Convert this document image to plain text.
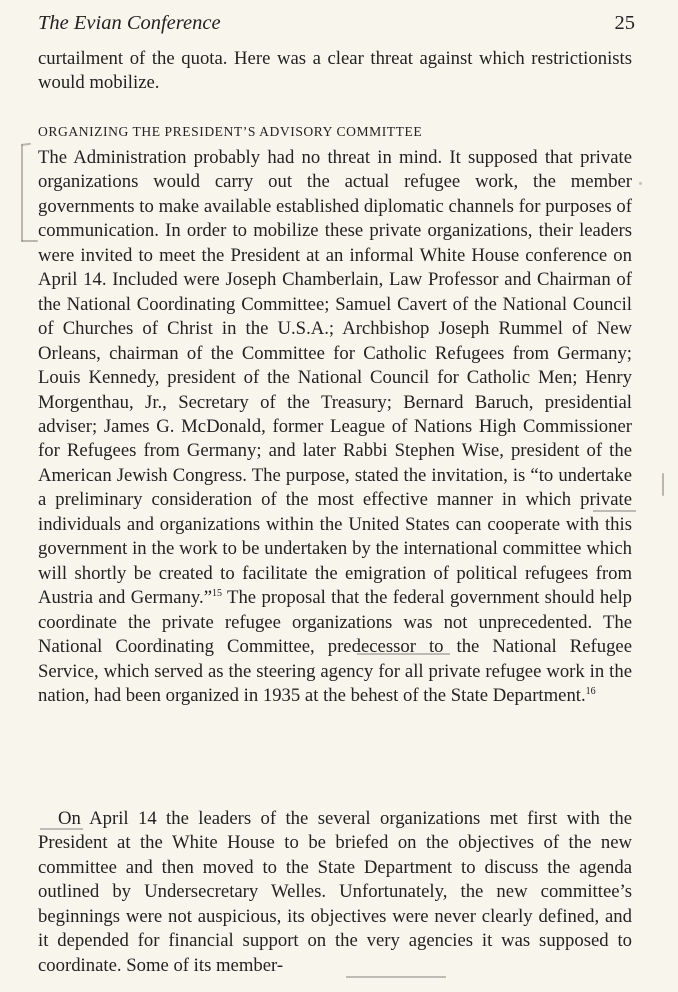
The Evian Conference	25

curtailment of the quota. Here was a clear threat against which restrictionists would mobilize.

ORGANIZING THE PRESIDENT’S ADVISORY COMMITTEE

The Administration probably had no threat in mind. It supposed that private organizations would carry out the actual refugee work, the member governments to make available established diplomatic channels for purposes of communication. In order to mobilize these private organizations, their leaders were invited to meet the President at an informal White House conference on April 14. Included were Joseph Chamberlain, Law Professor and Chairman of the National Coordinating Committee; Samuel Cavert of the National Council of Churches of Christ in the U.S.A.; Archbishop Joseph Rummel of New Orleans, chairman of the Committee for Catholic Refugees from Germany; Louis Kennedy, president of the National Council for Catholic Men; Henry Morgenthau, Jr., Secretary of the Treasury; Bernard Baruch, presidential adviser; James G. McDonald, former League of Nations High Commissioner for Refugees from Germany; and later Rabbi Stephen Wise, president of the American Jewish Congress. The purpose, stated the invitation, is “to undertake a preliminary consideration of the most effective manner in which private individuals and organizations within the United States can cooperate with this government in the work to be undertaken by the international committee which will shortly be created to facilitate the emigration of political refugees from Austria and Germany.”$^{15}$ The proposal that the federal government should help coordinate the private refugee organizations was not unprecedented. The National Coordinating Committee, predecessor to the National Refugee Service, which served as the steering agency for all private refugee work in the nation, had been organized in 1935 at the behest of the State Department.$^{16}$

On April 14 the leaders of the several organizations met first with the President at the White House to be briefed on the objectives of the new committee and then moved to the State Department to discuss the agenda outlined by Undersecretary Welles. Unfortunately, the new committee’s beginnings were not auspicious, its objectives were never clearly defined, and it depended for financial support on the very agencies it was supposed to coordinate. Some of its member-
